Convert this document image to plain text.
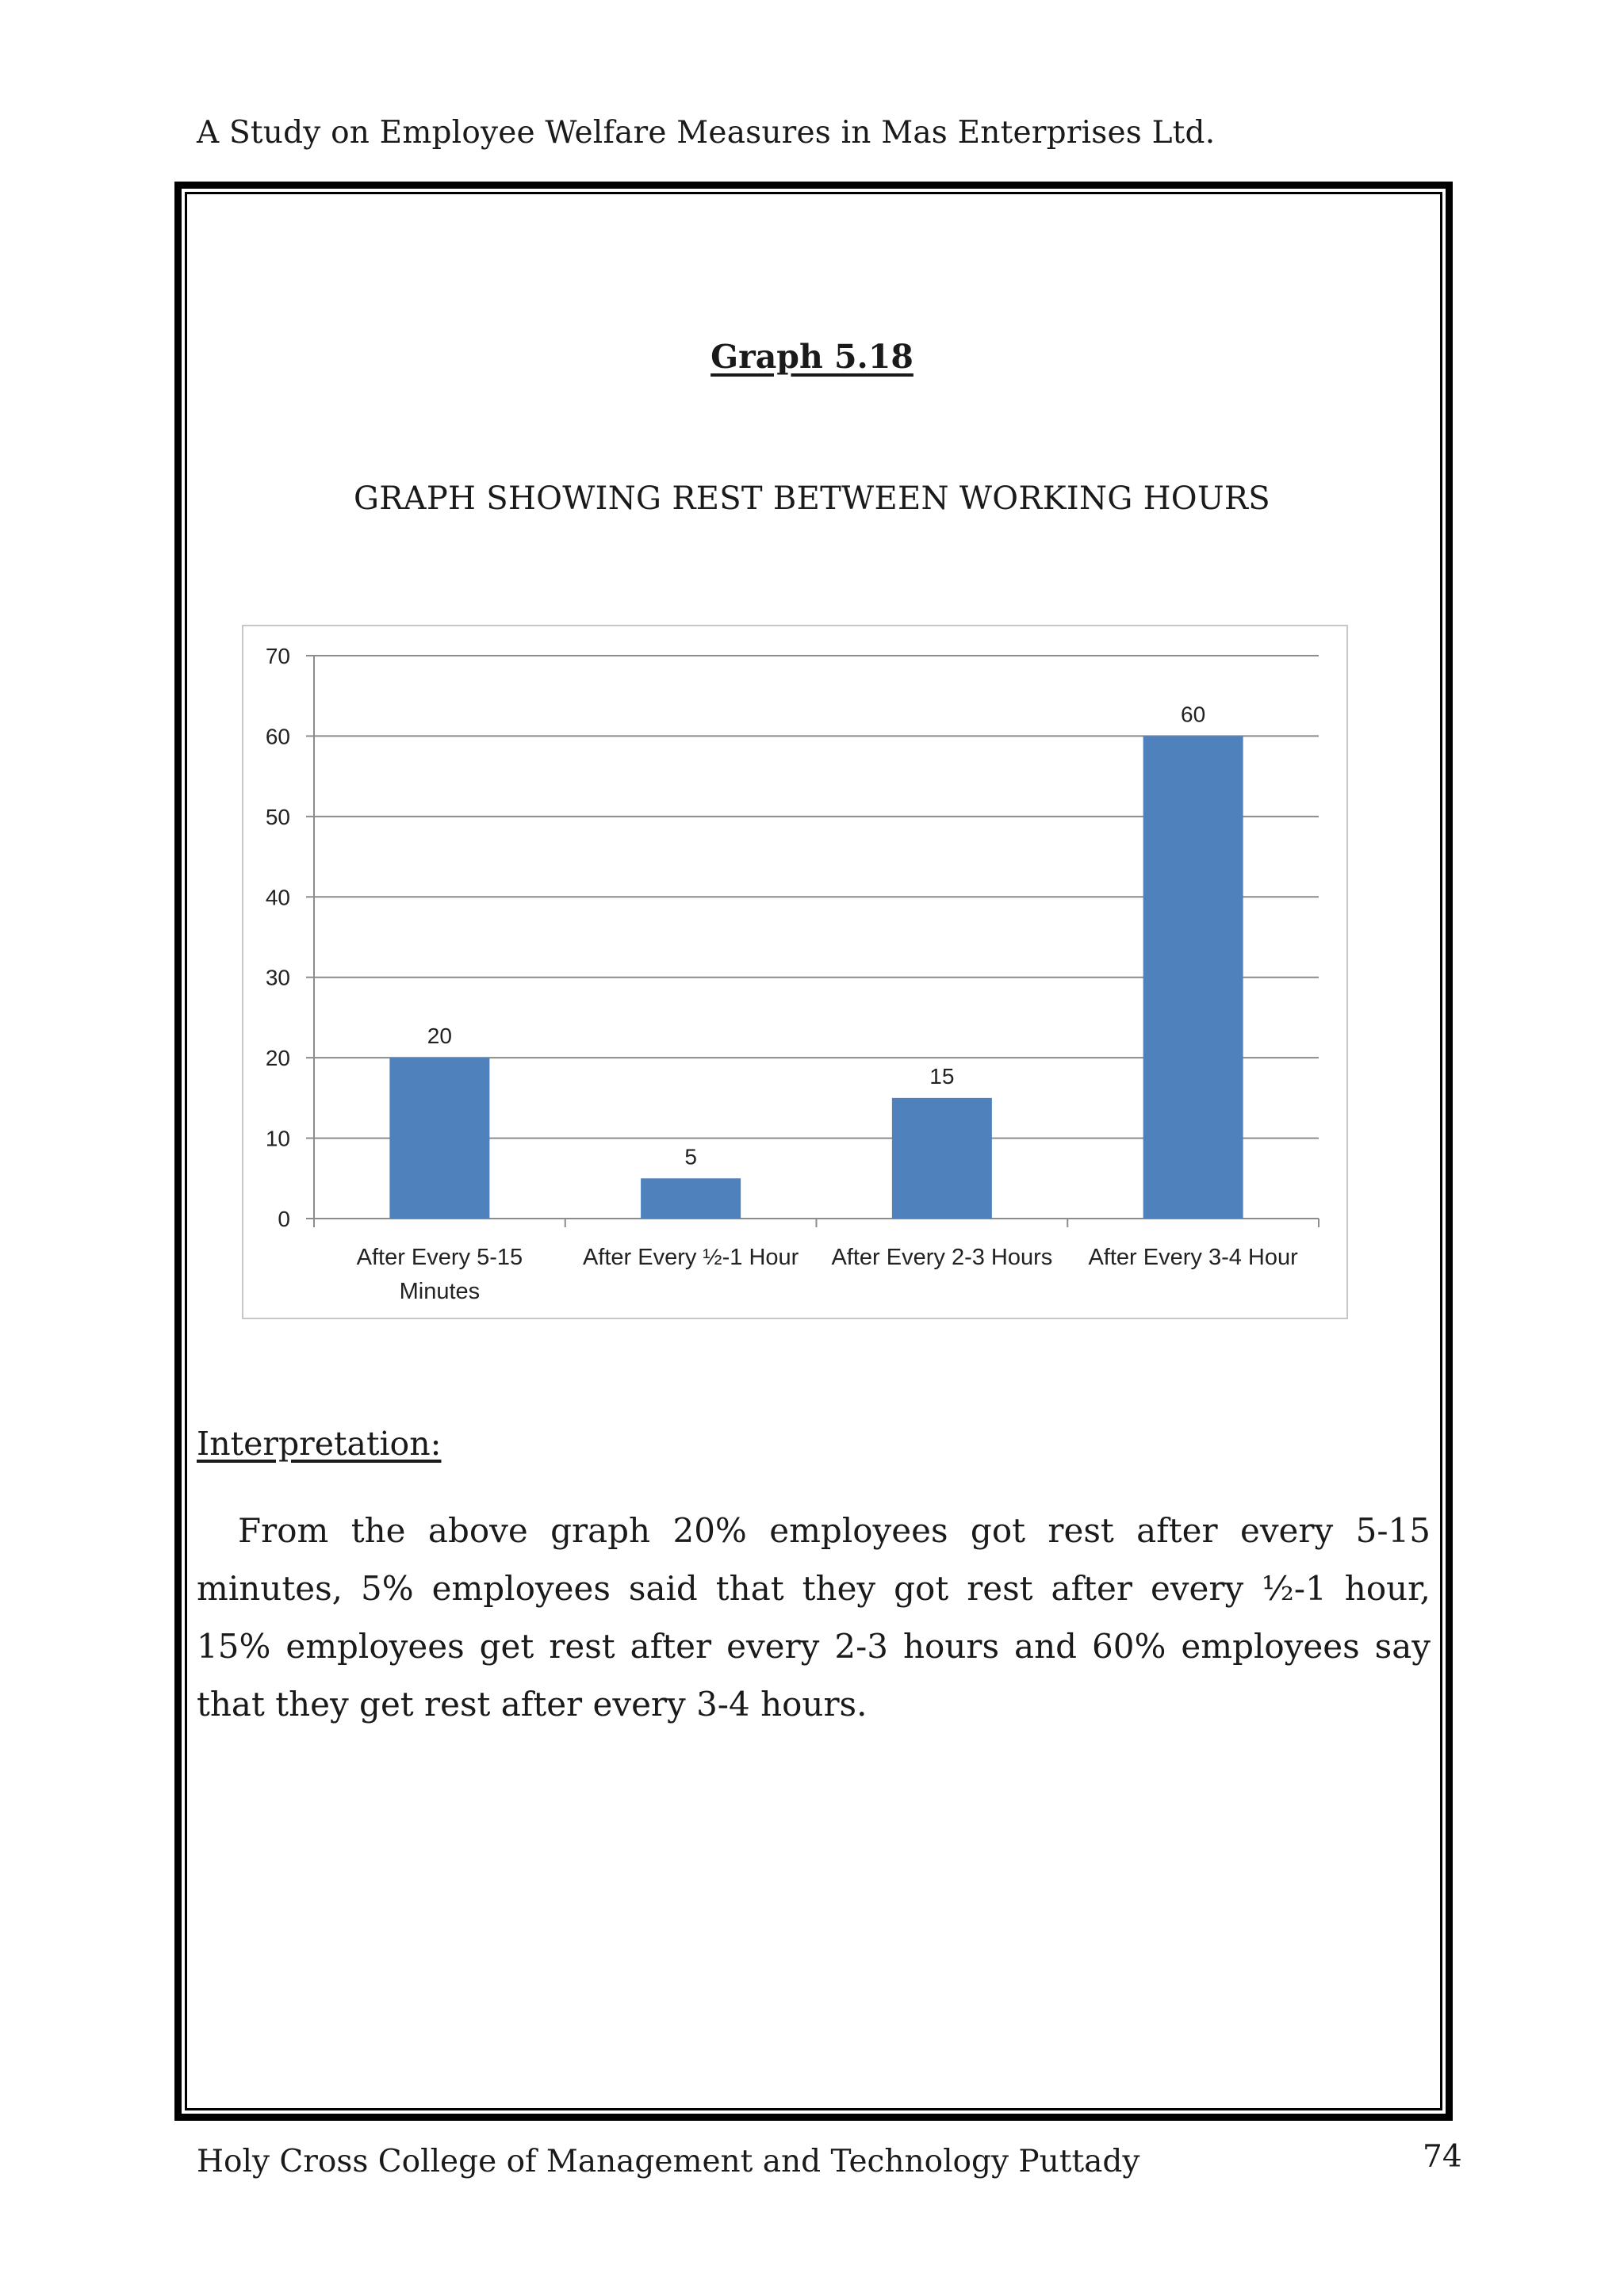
A Study on Employee Welfare Measures in Mas Enterprises Ltd.
Graph 5.18
GRAPH SHOWING REST BETWEEN WORKING HOURS
0
10
20
30
40
50
60
70
20
After Every 5-15
Minutes
5
After Every ½-1 Hour
15
After Every 2-3 Hours
60
After Every 3-4 Hour
Interpretation:

From the above graph 20% employees got rest after every 5-15 minutes, 5% employees said that they got rest after every ½-1 hour, 15% employees get rest after every 2-3 hours and 60% employees say that they get rest after every 3-4 hours.

Holy Cross College of Management and Technology Puttady	74
